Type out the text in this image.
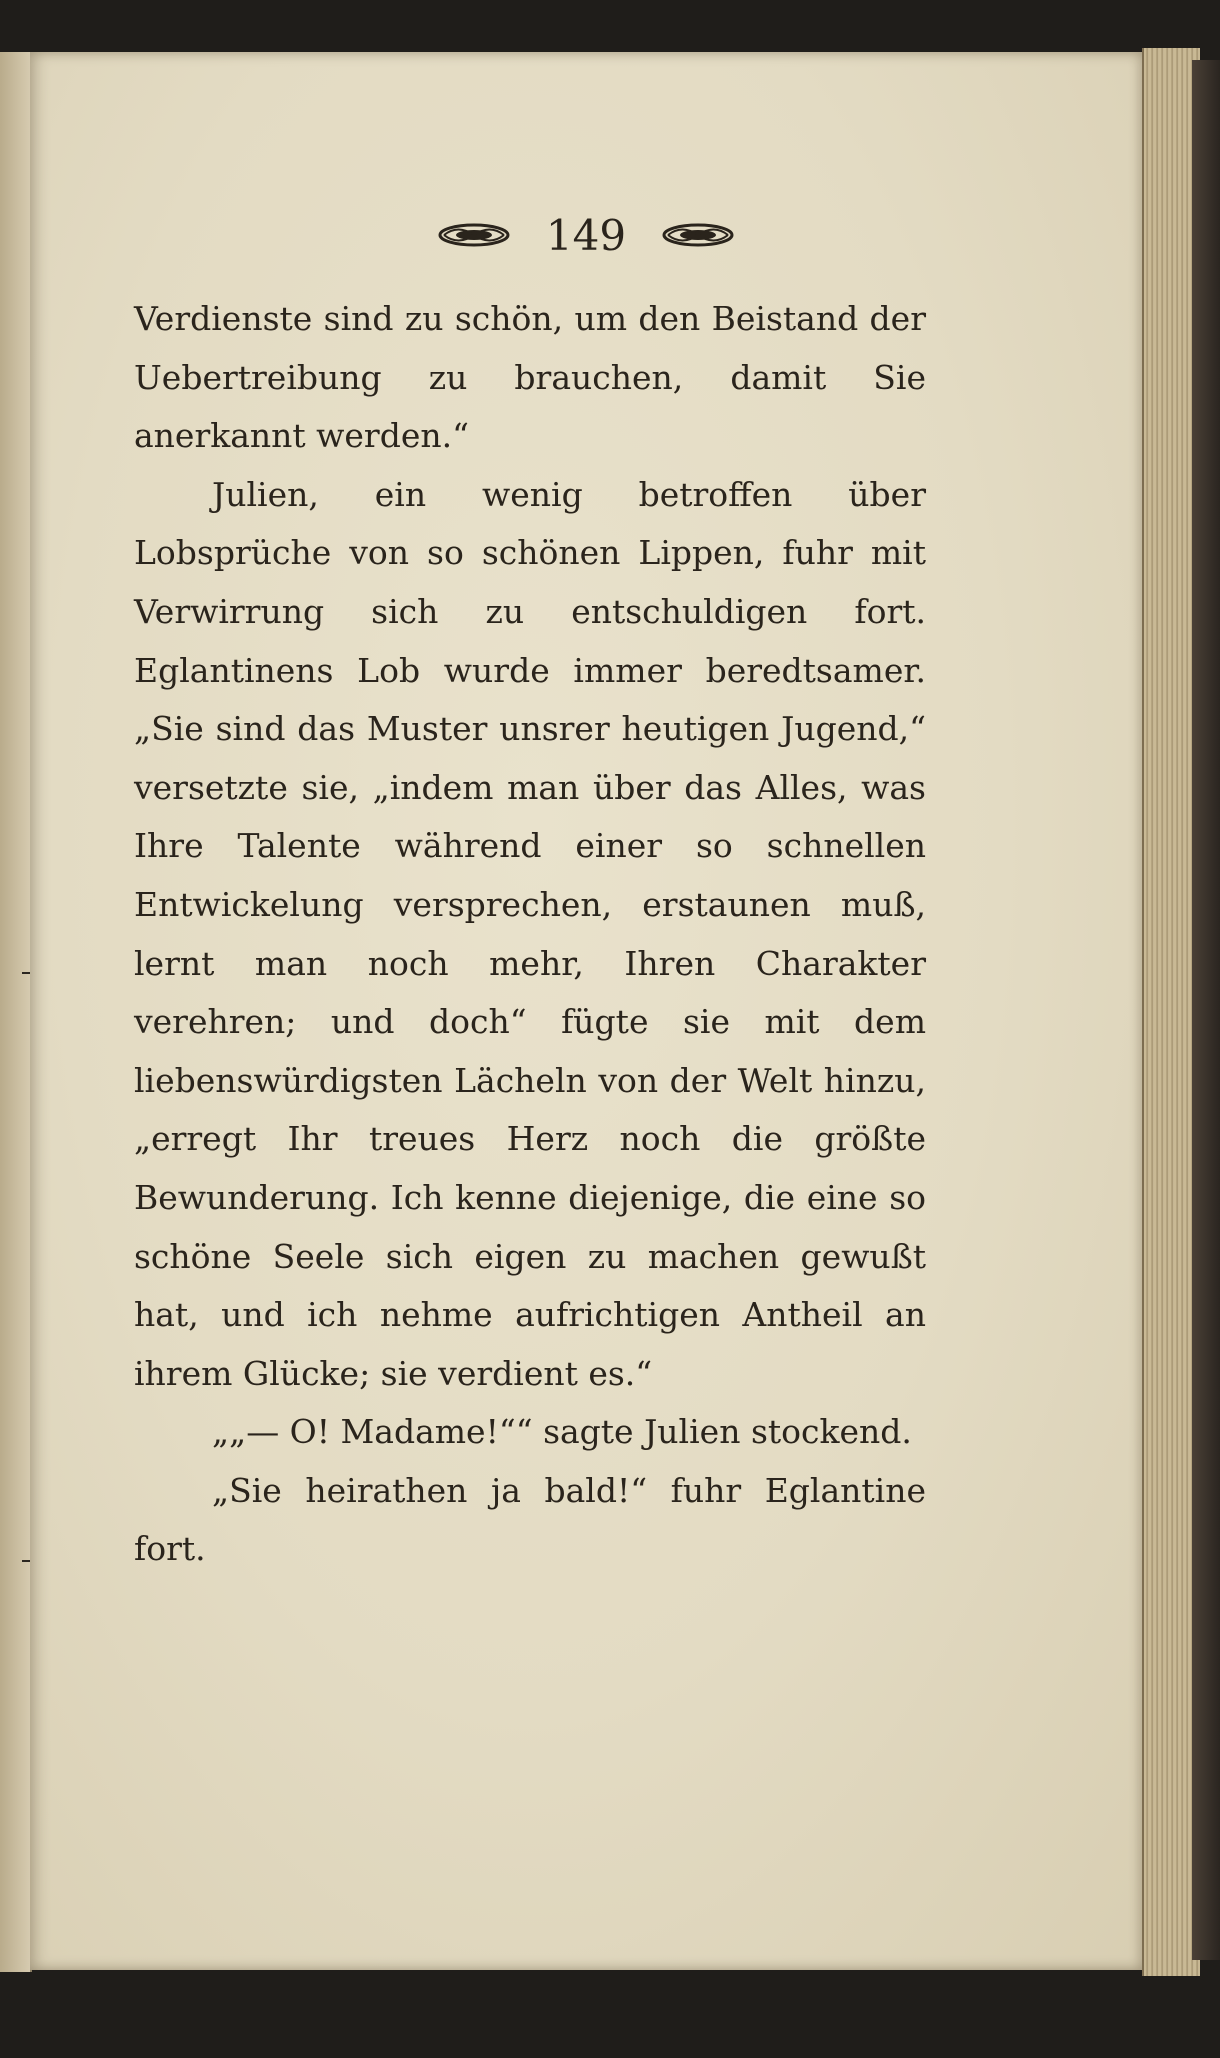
149

Verdienste sind zu schön, um den Beistand der Uebertreibung zu brauchen, damit Sie anerkannt werden.“

Julien, ein wenig betroffen über Lobsprüche von so schönen Lippen, fuhr mit Verwirrung sich zu entschuldigen fort. Eglantinens Lob wurde immer beredtsamer. „Sie sind das Muster unsrer heutigen Jugend,“ versetzte sie, „indem man über das Alles, was Ihre Talente während einer so schnellen Entwickelung versprechen, erstaunen muß, lernt man noch mehr, Ihren Charakter verehren; und doch“ fügte sie mit dem liebenswürdigsten Lächeln von der Welt hinzu, „erregt Ihr treues Herz noch die größte Bewunderung. Ich kenne diejenige, die eine so schöne Seele sich eigen zu machen gewußt hat, und ich nehme aufrichtigen Antheil an ihrem Glücke; sie verdient es.“

„„— O! Madame!““ sagte Julien stockend.

„Sie heirathen ja bald!“ fuhr Eglantine fort.
